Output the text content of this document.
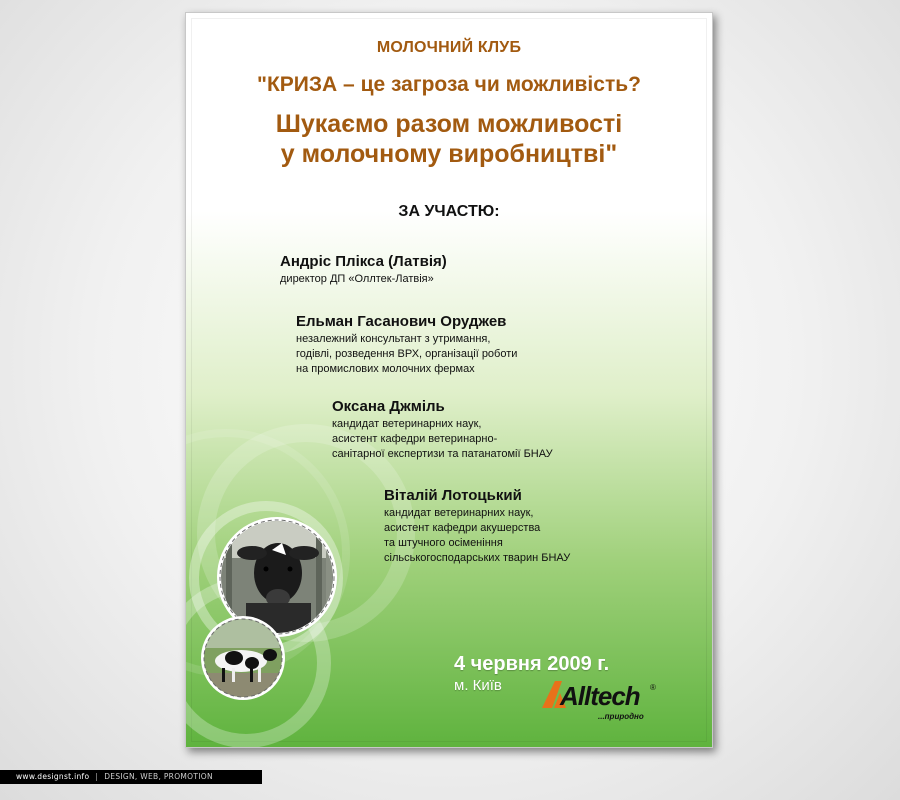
МОЛОЧНИЙ КЛУБ
"КРИЗА – це загроза чи можливість?
Шукаємо разом можливості
у молочному виробництві"
ЗА УЧАСТЮ:
Андріс Плікса (Латвія)
директор ДП «Оллтек-Латвія»
Ельман Гасанович Оруджев
незалежний консультант з утримання,
годівлі, розведення ВРХ, організації роботи
на промислових молочних фермах
Оксана Джміль
кандидат ветеринарних наук,
асистент кафедри ветеринарно-
санітарної експертизи та патанатомії БНАУ
Віталій Лотоцький
кандидат ветеринарних наук,
асистент кафедри акушерства
та штучного осіменіння
сільськогосподарських тварин БНАУ
4 червня 2009 г.
м. Київ Alltech ®
...природно
www.designst.info | DESIGN, WEB, PROMOTION
